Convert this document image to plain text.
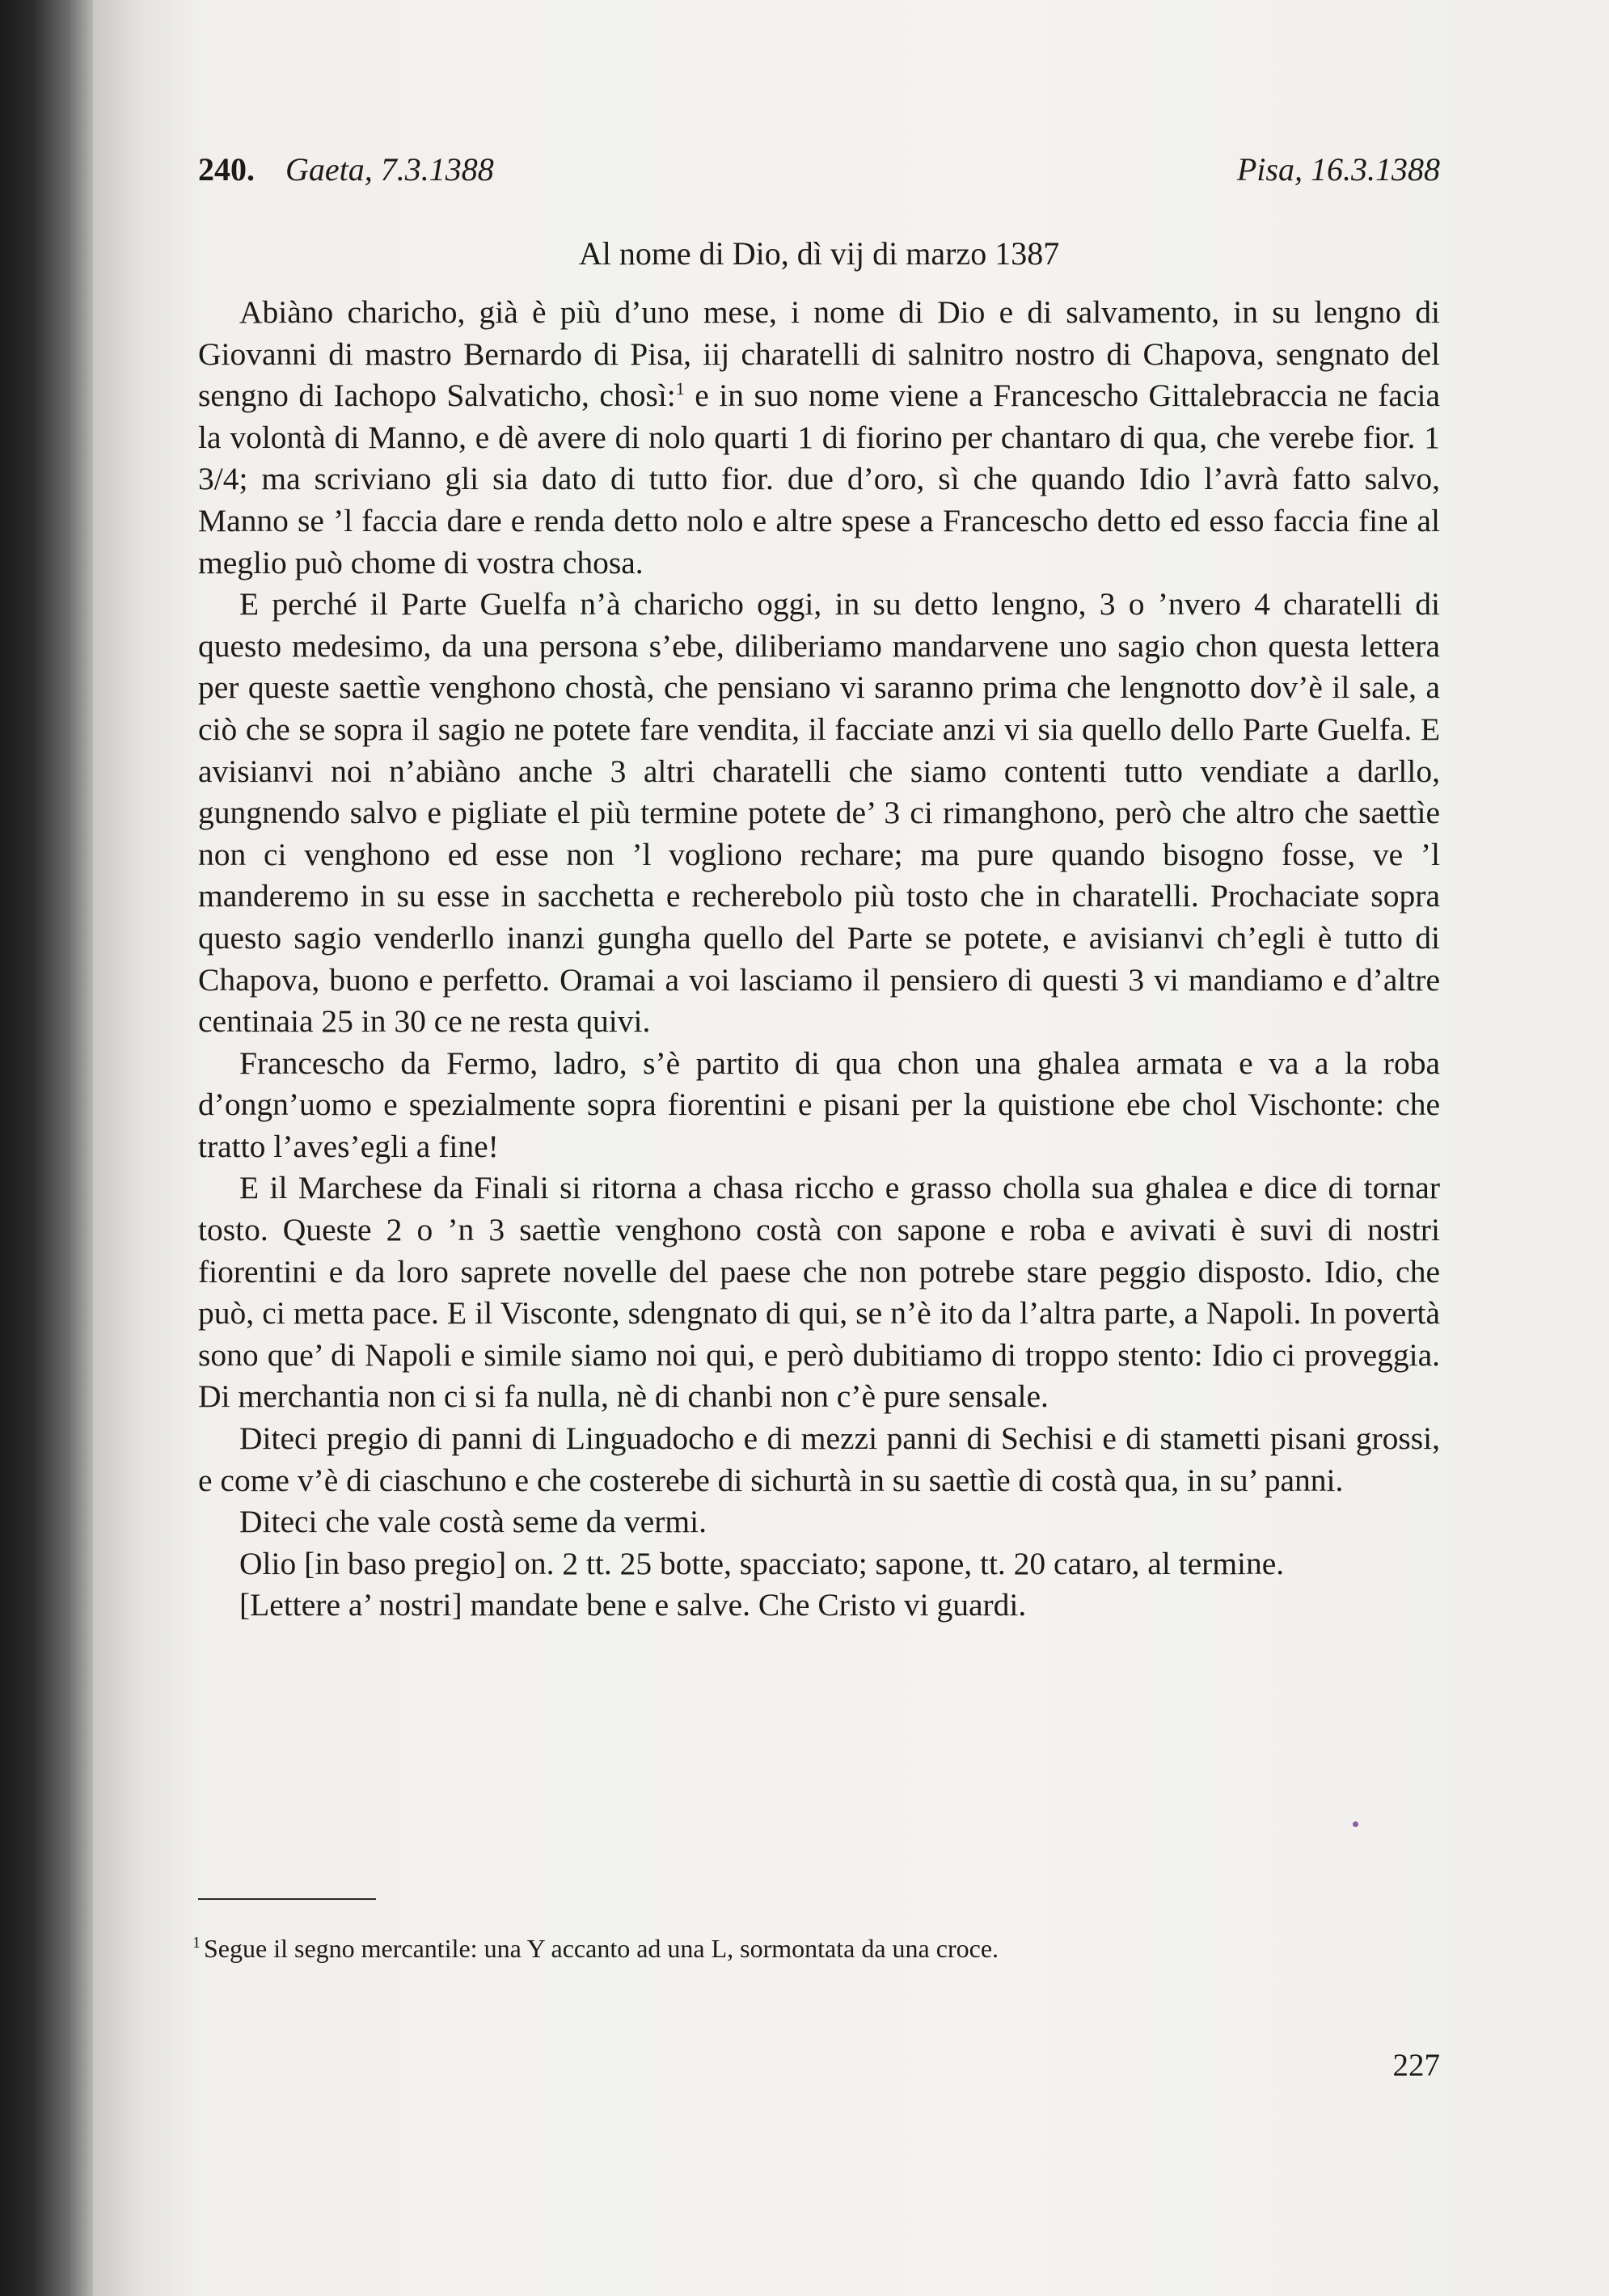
240. Gaeta, 7.3.1388	Pisa, 16.3.1388
Al nome di Dio, dì vij di marzo 1387

Abiàno charicho, già è più d’uno mese, i nome di Dio e di salvamento, in su lengno di Giovanni di mastro Bernardo di Pisa, iij charatelli di salnitro nostro di Chapova, sengnato del sengno di Iachopo Salvaticho, chosì:$^1$ e in suo nome viene a Franceschо Gittalebraccia ne facia la volontà di Manno, e dè avere di nolo quarti 1 di fiorino per chantaro di qua, che verebe fior. 1 3/4; ma scriviano gli sia dato di tutto fior. due d’oro, sì che quando Idio l’avrà fatto salvo, Manno se ’l faccia dare e renda detto nolo e altre spese a Francescho detto ed esso faccia fine al meglio può chome di vostra chosa.

E perché il Parte Guelfa n’à charicho oggi, in su detto lengno, 3 o ’nvero 4 charatelli di questo medesimo, da una persona s’ebe, diliberiamo mandarvene uno sagio chon questa lettera per queste saettìe venghono chostà, che pensiano vi saranno prima che lengnotto dov’è il sale, a ciò che se sopra il sagio ne potete fare vendita, il facciate anzi vi sia quello dello Parte Guelfa. E avisianvi noi n’abiàno anche 3 altri charatelli che siamo contenti tutto vendiate a darllo, gungnendo salvo e pigliate el più termine potete de’ 3 ci rimanghono, però che altro che saettìe non ci venghono ed esse non ’l vogliono rechare; ma pure quando bisogno fosse, ve ’l manderemo in su esse in sacchetta e recherebolo più tosto che in charatelli. Prochaciate sopra questo sagio venderllo inanzi gungha quello del Parte se potete, e avisianvi ch’egli è tutto di Chapova, buono e perfetto. Oramai a voi lasciamo il pensiero di questi 3 vi mandiamo e d’altre centinaia 25 in 30 ce ne resta quivi.

Francescho da Fermo, ladro, s’è partito di qua chon una ghalea armata e va a la roba d’ongn’uomo e spezialmente sopra fiorentini e pisani per la quistione ebe chol Vischonte: che tratto l’aves’egli a fine!

E il Marchese da Finali si ritorna a chasa ricchо e grasso cholla sua ghalea e dice di tornar tosto. Queste 2 o ’n 3 saettìe venghono costà con sapone e roba e avivati è suvi di nostri fiorentini e da loro saprete novelle del paese che non potrebe stare peggio disposto. Idio, che può, ci metta pace. E il Visconte, sdengnato di qui, se n’è ito da l’altra parte, a Napoli. In povertà sono que’ di Napoli e simile siamo noi qui, e però dubitiamo di troppo stento: Idio ci proveggia. Di merchantia non ci si fa nulla, nè di chanbi non c’è pure sensale.

Diteci pregio di panni di Linguadocho e di mezzi panni di Sechisi e di stametti pisani grossi, e come v’è di ciaschuno e che costerebe di sichurtà in su saettìe di costà qua, in su’ panni.

Diteci che vale costà seme da vermi.

Olio [in baso pregio] on. 2 tt. 25 botte, spacciato; sapone, tt. 20 cataro, al termine.

[Lettere a’ nostri] mandate bene e salve. Che Cristo vi guardi.

$^1$ Segue il segno mercantile: una Y accanto ad una L, sormontata da una croce.
227
